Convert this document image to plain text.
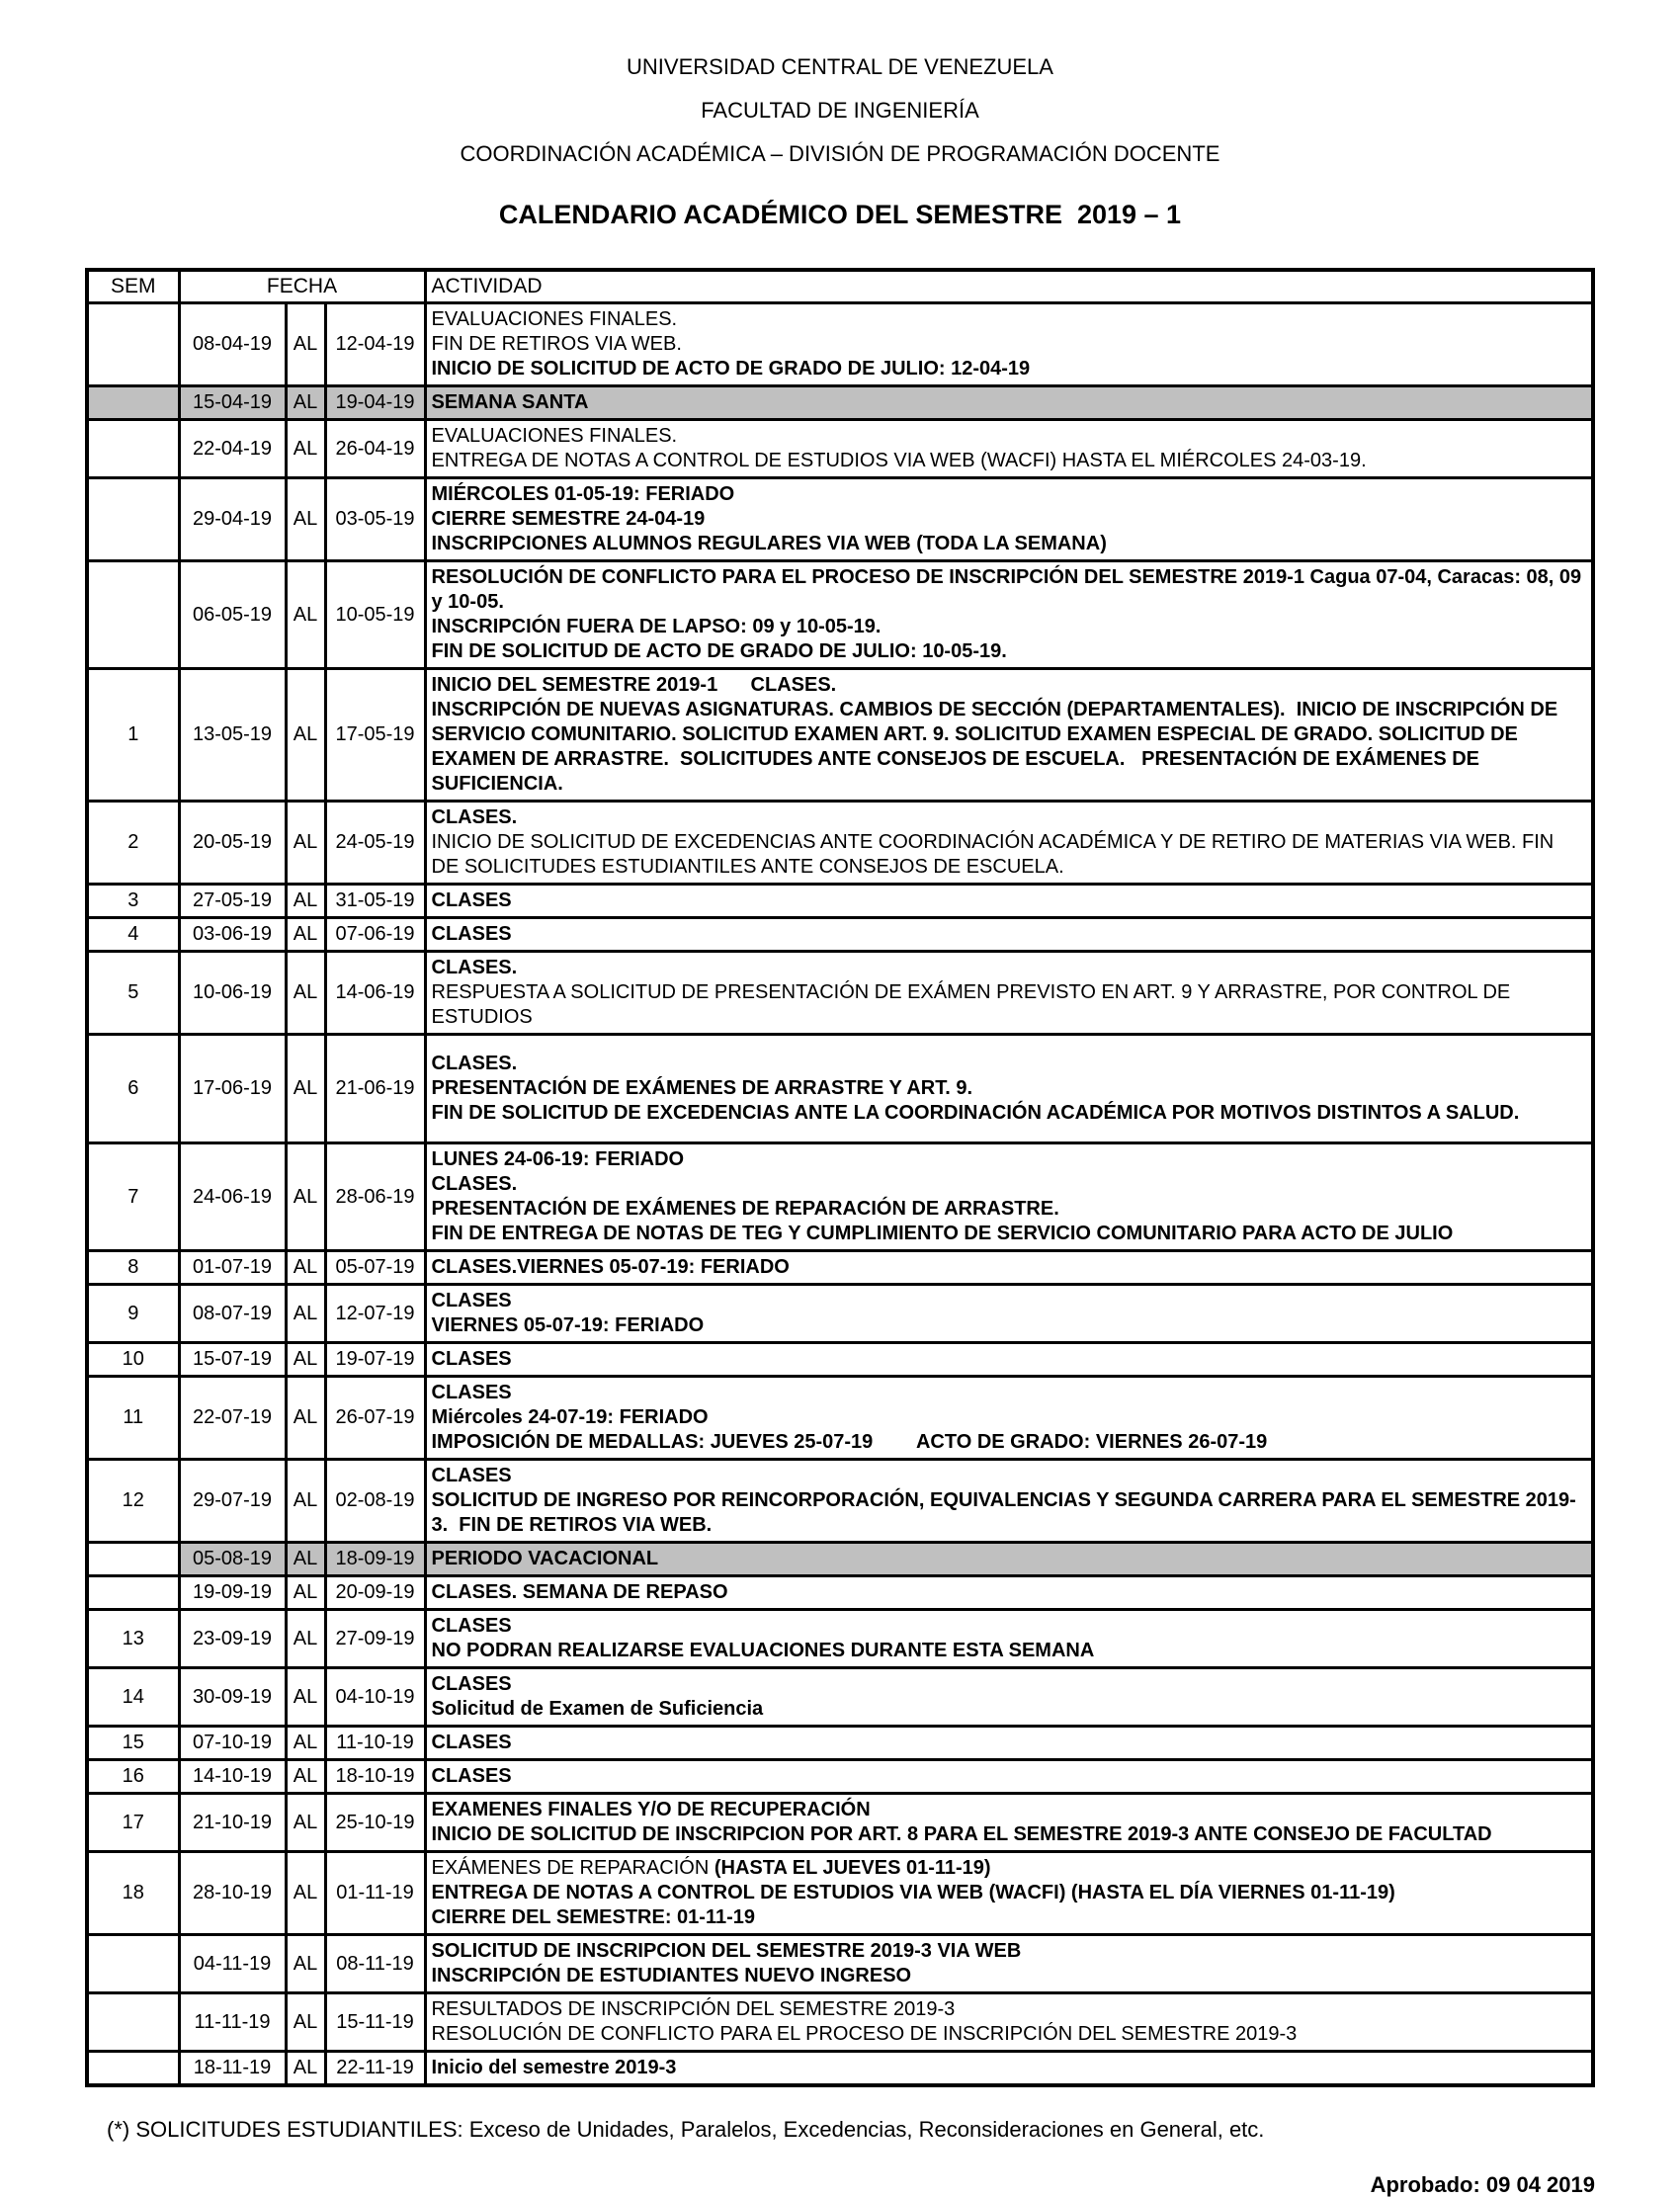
UNIVERSIDAD CENTRAL DE VENEZUELA
FACULTAD DE INGENIERÍA
COORDINACIÓN ACADÉMICA – DIVISIÓN DE PROGRAMACIÓN DOCENTE
CALENDARIO ACADÉMICO DEL SEMESTRE  2019 – 1
SEM	FECHA			ACTIVIDAD
	08-04-19	AL	12-04-19	EVALUACIONES FINALES.
FIN DE RETIROS VIA WEB.
INICIO DE SOLICITUD DE ACTO DE GRADO DE JULIO: 12-04-19

	15-04-19	AL	19-04-19	SEMANA SANTA

	22-04-19	AL	26-04-19	EVALUACIONES FINALES.
ENTREGA DE NOTAS A CONTROL DE ESTUDIOS VIA WEB (WACFI) HASTA EL MIÉRCOLES 24-03-19.

	29-04-19	AL	03-05-19	MIÉRCOLES 01-05-19: FERIADO
CIERRE SEMESTRE 24-04-19
INSCRIPCIONES ALUMNOS REGULARES VIA WEB (TODA LA SEMANA)

	06-05-19	AL	10-05-19	RESOLUCIÓN DE CONFLICTO PARA EL PROCESO DE INSCRIPCIÓN DEL SEMESTRE 2019-1 Cagua 07-04, Caracas: 08, 09 y 10-05.
INSCRIPCIÓN FUERA DE LAPSO: 09 y 10-05-19.
FIN DE SOLICITUD DE ACTO DE GRADO DE JULIO: 10-05-19.

1	13-05-19	AL	17-05-19	INICIO DEL SEMESTRE 2019-1      CLASES.
INSCRIPCIÓN DE NUEVAS ASIGNATURAS. CAMBIOS DE SECCIÓN (DEPARTAMENTALES).  INICIO DE INSCRIPCIÓN DE SERVICIO COMUNITARIO. SOLICITUD EXAMEN ART. 9. SOLICITUD EXAMEN ESPECIAL DE GRADO. SOLICITUD DE EXAMEN DE ARRASTRE.  SOLICITUDES ANTE CONSEJOS DE ESCUELA.   PRESENTACIÓN DE EXÁMENES DE SUFICIENCIA.

2	20-05-19	AL	24-05-19	CLASES.
INICIO DE SOLICITUD DE EXCEDENCIAS ANTE COORDINACIÓN ACADÉMICA Y DE RETIRO DE MATERIAS VIA WEB. FIN DE SOLICITUDES ESTUDIANTILES ANTE CONSEJOS DE ESCUELA.

3	27-05-19	AL	31-05-19	CLASES

4	03-06-19	AL	07-06-19	CLASES

5	10-06-19	AL	14-06-19	CLASES.
RESPUESTA A SOLICITUD DE PRESENTACIÓN DE EXÁMEN PREVISTO EN ART. 9 Y ARRASTRE, POR CONTROL DE ESTUDIOS

6	17-06-19	AL	21-06-19	CLASES.
PRESENTACIÓN DE EXÁMENES DE ARRASTRE Y ART. 9.
FIN DE SOLICITUD DE EXCEDENCIAS ANTE LA COORDINACIÓN ACADÉMICA POR MOTIVOS DISTINTOS A SALUD.

7	24-06-19	AL	28-06-19	LUNES 24-06-19: FERIADO
CLASES.
PRESENTACIÓN DE EXÁMENES DE REPARACIÓN DE ARRASTRE.
FIN DE ENTREGA DE NOTAS DE TEG Y CUMPLIMIENTO DE SERVICIO COMUNITARIO PARA ACTO DE JULIO

8	01-07-19	AL	05-07-19	CLASES.VIERNES 05-07-19: FERIADO

9	08-07-19	AL	12-07-19	CLASES
VIERNES 05-07-19: FERIADO

10	15-07-19	AL	19-07-19	CLASES

11	22-07-19	AL	26-07-19	CLASES
Miércoles 24-07-19: FERIADO
IMPOSICIÓN DE MEDALLAS: JUEVES 25-07-19        ACTO DE GRADO: VIERNES 26-07-19

12	29-07-19	AL	02-08-19	CLASES
SOLICITUD DE INGRESO POR REINCORPORACIÓN, EQUIVALENCIAS Y SEGUNDA CARRERA PARA EL SEMESTRE 2019-3.  FIN DE RETIROS VIA WEB.

	05-08-19	AL	18-09-19	PERIODO VACACIONAL

	19-09-19	AL	20-09-19	CLASES. SEMANA DE REPASO

13	23-09-19	AL	27-09-19	CLASES
NO PODRAN REALIZARSE EVALUACIONES DURANTE ESTA SEMANA

14	30-09-19	AL	04-10-19	CLASES
Solicitud de Examen de Suficiencia

15	07-10-19	AL	11-10-19	CLASES

16	14-10-19	AL	18-10-19	CLASES

17	21-10-19	AL	25-10-19	EXAMENES FINALES Y/O DE RECUPERACIÓN
INICIO DE SOLICITUD DE INSCRIPCION POR ART. 8 PARA EL SEMESTRE 2019-3 ANTE CONSEJO DE FACULTAD

18	28-10-19	AL	01-11-19	EXÁMENES DE REPARACIÓN (HASTA EL JUEVES 01-11-19)
ENTREGA DE NOTAS A CONTROL DE ESTUDIOS VIA WEB (WACFI) (HASTA EL DÍA VIERNES 01-11-19)
CIERRE DEL SEMESTRE: 01-11-19

	04-11-19	AL	08-11-19	SOLICITUD DE INSCRIPCION DEL SEMESTRE 2019-3 VIA WEB
INSCRIPCIÓN DE ESTUDIANTES NUEVO INGRESO

	11-11-19	AL	15-11-19	RESULTADOS DE INSCRIPCIÓN DEL SEMESTRE 2019-3
RESOLUCIÓN DE CONFLICTO PARA EL PROCESO DE INSCRIPCIÓN DEL SEMESTRE 2019-3

	18-11-19	AL	22-11-19	Inicio del semestre 2019-3
(*) SOLICITUDES ESTUDIANTILES: Exceso de Unidades, Paralelos, Excedencias, Reconsideraciones en General, etc.
Aprobado: 09 04 2019
